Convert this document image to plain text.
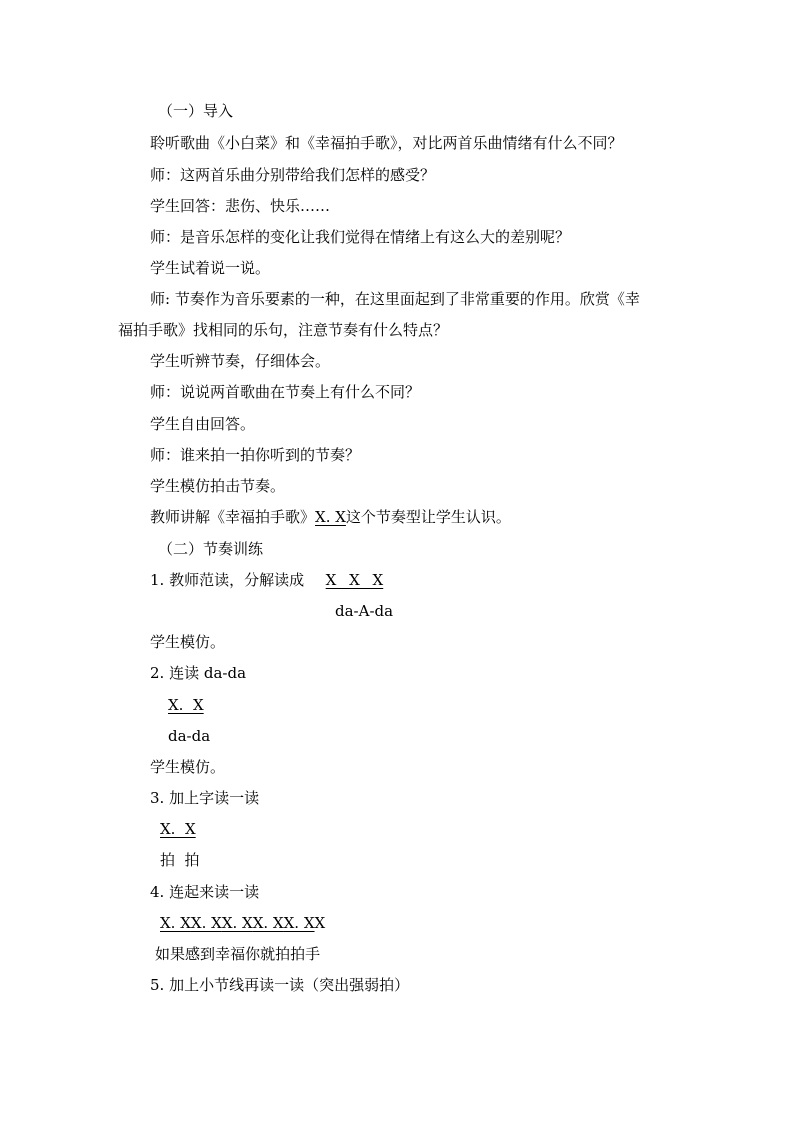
（一）导入
聆听歌曲《小白菜》和《幸福拍手歌》，对比两首乐曲情绪有什么不同？
师：这两首乐曲分别带给我们怎样的感受？
学生回答：悲伤、快乐……
师：是音乐怎样的变化让我们觉得在情绪上有这么大的差别呢？
学生试着说一说。
师: 节奏作为音乐要素的一种，在这里面起到了非常重要的作用。欣赏《幸
福拍手歌》找相同的乐句，注意节奏有什么特点？
学生听辨节奏，仔细体会。
师：说说两首歌曲在节奏上有什么不同？
学生自由回答。
师：谁来拍一拍你听到的节奏？
学生模仿拍击节奏。
教师讲解《幸福拍手歌》X. X这个节奏型让学生认识。
（二）节奏训练
1. 教师范读，分解读成 X X X
da-A-da
学生模仿。
2. 连读 da-da
X.  X
da-da
学生模仿。
3. 加上字读一读
X.  X
拍  拍
4. 连起来读一读
X. XX. XX. XX. XX. XX
如果感到幸福你就拍拍手
5. 加上小节线再读一读（突出强弱拍）
